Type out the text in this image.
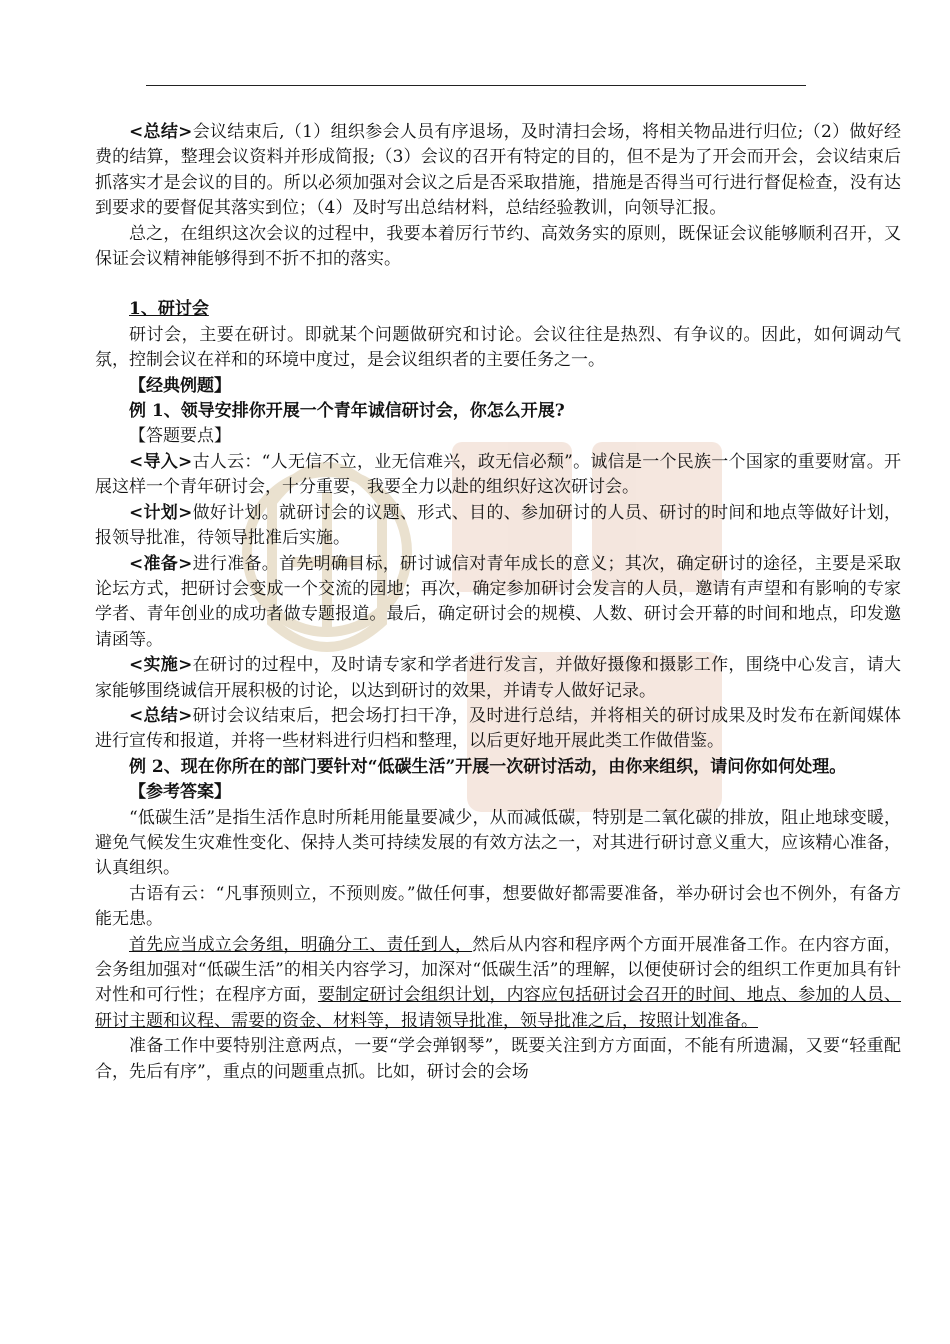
<总结>会议结束后,（1）组织参会人员有序退场，及时清扫会场，将相关物品进行归位;（2）做好经费的结算，整理会议资料并形成简报;（3）会议的召开有特定的目的，但不是为了开会而开会，会议结束后抓落实才是会议的目的。所以必须加强对会议之后是否采取措施，措施是否得当可行进行督促检查，没有达到要求的要督促其落实到位；（4）及时写出总结材料，总结经验教训，向领导汇报。

总之，在组织这次会议的过程中，我要本着厉行节约、高效务实的原则，既保证会议能够顺利召开，又保证会议精神能够得到不折不扣的落实。

1、研讨会

研讨会，主要在研讨。即就某个问题做研究和讨论。会议往往是热烈、有争议的。因此，如何调动气氛，控制会议在祥和的环境中度过，是会议组织者的主要任务之一。

【经典例题】

例 1、领导安排你开展一个青年诚信研讨会，你怎么开展?

【答题要点】

<导入>古人云：“人无信不立，业无信难兴，政无信必颓”。诚信是一个民族一个国家的重要财富。开展这样一个青年研讨会，十分重要，我要全力以赴的组织好这次研讨会。

<计划>做好计划。就研讨会的议题、形式、目的、参加研讨的人员、研讨的时间和地点等做好计划，报领导批准，待领导批准后实施。

<准备>进行准备。首先明确目标，研讨诚信对青年成长的意义；其次，确定研讨的途径，主要是采取论坛方式，把研讨会变成一个交流的园地；再次，确定参加研讨会发言的人员，邀请有声望和有影响的专家学者、青年创业的成功者做专题报道。最后，确定研讨会的规模、人数、研讨会开幕的时间和地点，印发邀请函等。

<实施>在研讨的过程中，及时请专家和学者进行发言，并做好摄像和摄影工作，围绕中心发言，请大家能够围绕诚信开展积极的讨论，以达到研讨的效果，并请专人做好记录。

<总结>研讨会议结束后，把会场打扫干净，及时进行总结，并将相关的研讨成果及时发布在新闻媒体进行宣传和报道，并将一些材料进行归档和整理，以后更好地开展此类工作做借鉴。

例 2、现在你所在的部门要针对“低碳生活”开展一次研讨活动，由你来组织，请问你如何处理。

【参考答案】

“低碳生活”是指生活作息时所耗用能量要减少，从而减低碳，特别是二氧化碳的排放，阻止地球变暖，避免气候发生灾难性变化、保持人类可持续发展的有效方法之一，对其进行研讨意义重大，应该精心准备，认真组织。

古语有云：“凡事预则立，不预则废。”做任何事，想要做好都需要准备，举办研讨会也不例外，有备方能无患。

首先应当成立会务组，明确分工、责任到人，然后从内容和程序两个方面开展准备工作。在内容方面，会务组加强对“低碳生活”的相关内容学习，加深对“低碳生活”的理解，以便使研讨会的组织工作更加具有针对性和可行性；在程序方面，要制定研讨会组织计划，内容应包括研讨会召开的时间、地点、参加的人员、研讨主题和议程、需要的资金、材料等，报请领导批准，领导批准之后，按照计划准备。

准备工作中要特别注意两点，一要“学会弹钢琴”，既要关注到方方面面，不能有所遗漏，又要“轻重配合，先后有序”，重点的问题重点抓。比如，研讨会的会场
